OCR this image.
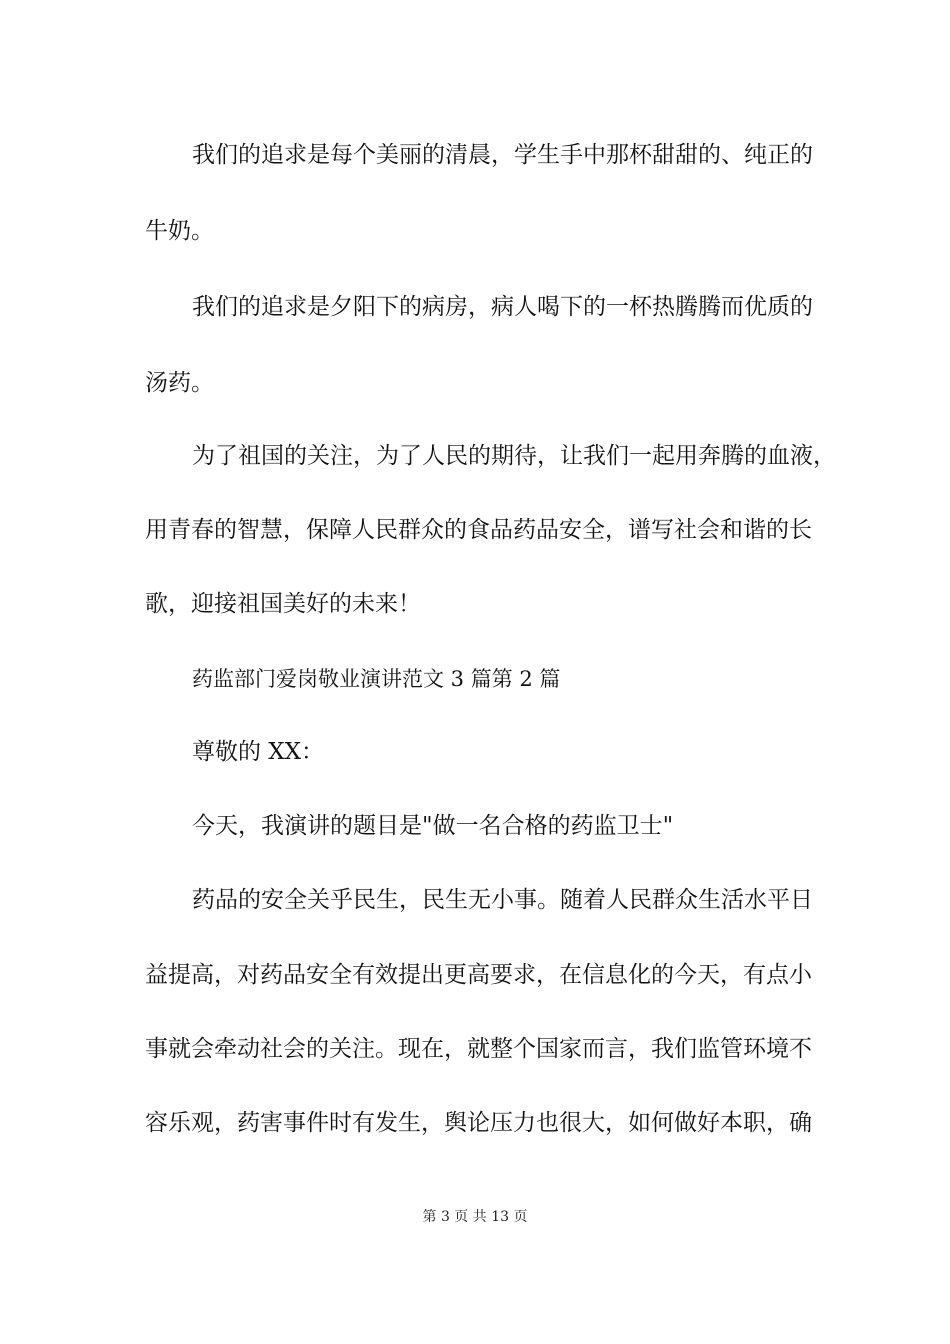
我们的追求是每个美丽的清晨，学生手中那杯甜甜的、纯正的
牛奶。
我们的追求是夕阳下的病房，病人喝下的一杯热腾腾而优质的
汤药。
为了祖国的关注，为了人民的期待，让我们一起用奔腾的血液，
用青春的智慧，保障人民群众的食品药品安全，谱写社会和谐的长
歌，迎接祖国美好的未来！
药监部门爱岗敬业演讲范文 3 篇第 2 篇
尊敬的 XX：
今天，我演讲的题目是"做一名合格的药监卫士"
药品的安全关乎民生，民生无小事。随着人民群众生活水平日
益提高，对药品安全有效提出更高要求，在信息化的今天，有点小
事就会牵动社会的关注。现在，就整个国家而言，我们监管环境不
容乐观，药害事件时有发生，舆论压力也很大，如何做好本职，确
第 3 页 共 13 页
